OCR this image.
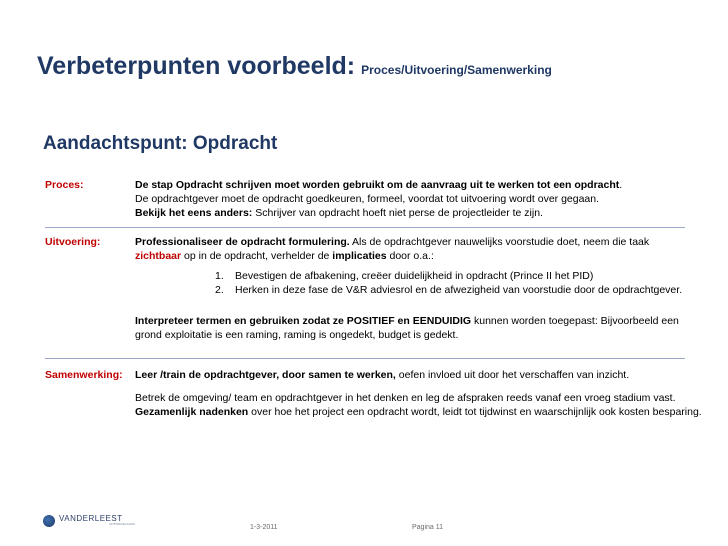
Verbeterpunten voorbeeld: Proces/Uitvoering/Samenwerking
Aandachtspunt: Opdracht
Proces:	De stap Opdracht schrijven moet worden gebruikt om de aanvraag uit te werken tot een opdracht.

De opdrachtgever moet de opdracht goedkeuren, formeel, voordat tot uitvoering wordt over gegaan.

Bekijk het eens anders: Schrijver van opdracht hoeft niet perse de projectleider te zijn.

Uitvoering:	Professionaliseer de opdracht formulering. Als de opdrachtgever nauwelijks voorstudie doet, neem die taak
zichtbaar op in de opdracht, verhelder de implicaties door o.a.:

1. Bevestigen de afbakening, creëer duidelijkheid in opdracht (Prince II het PID)
2. Herken in deze fase de V&R adviesrol en de afwezigheid van voorstudie door de opdrachtgever.

Interpreteer termen en gebruiken zodat ze POSITIEF en EENDUIDIG kunnen worden toegepast: Bijvoorbeeld een grond exploitatie is een raming, raming is ongedekt, budget is gedekt.

Samenwerking: Leer /train de opdrachtgever, door samen te werken, oefen invloed uit door het verschaffen van inzicht.

Betrek de omgeving/ team en opdrachtgever in het denken en leg de afspraken reeds vanaf een vroeg stadium vast. Gezamenlijk nadenken over hoe het project een opdracht wordt, leidt tot tijdwinst en waarschijnlijk ook kosten besparing.

VANDERLEEST
ONTWIKKELAARS	1-3-2011	Pagina 11
